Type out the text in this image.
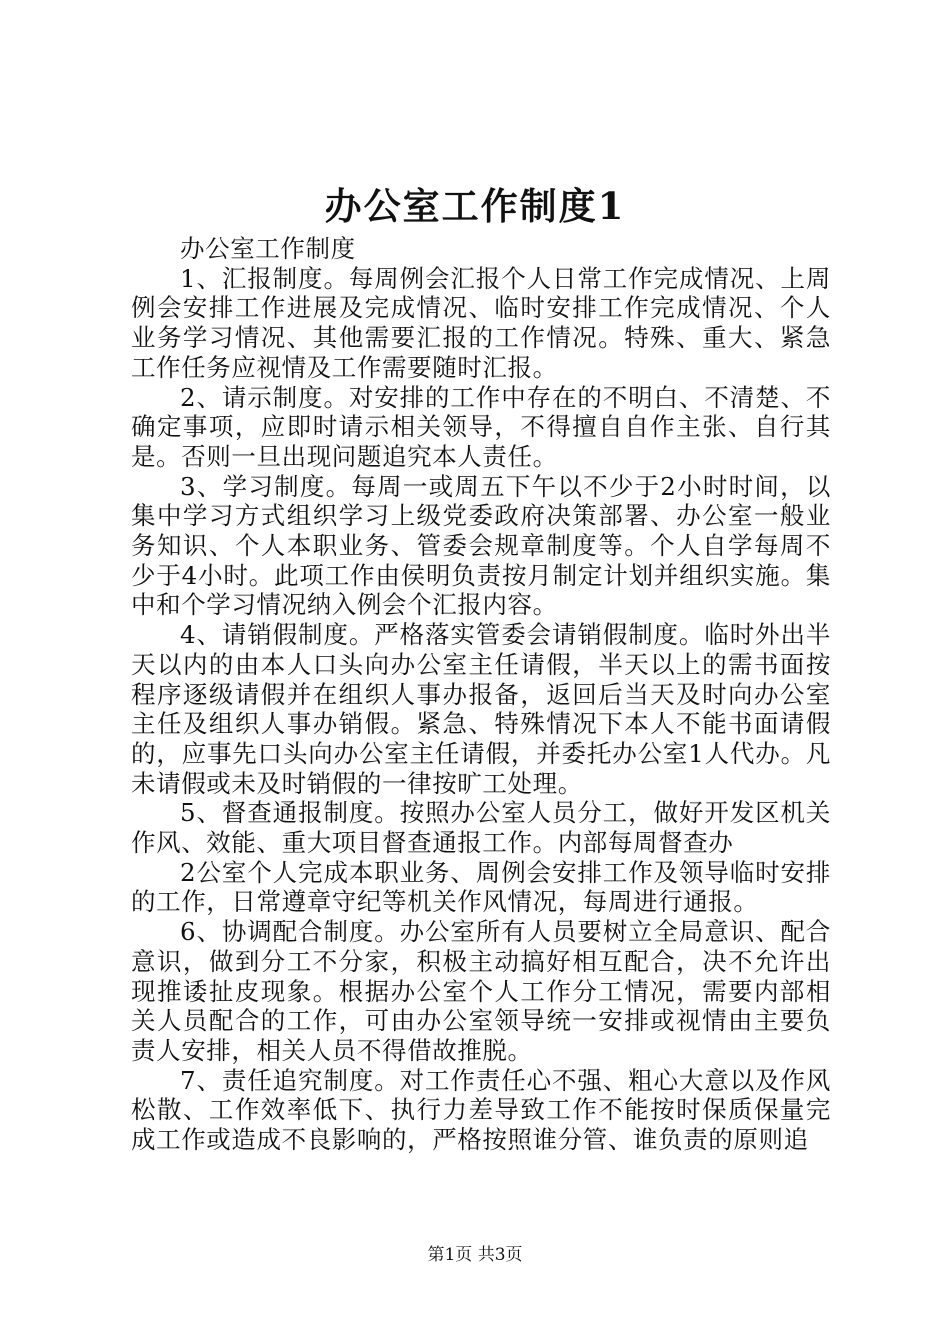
办公室工作制度1

办公室工作制度

1、汇报制度。每周例会汇报个人日常工作完成情况、上周例会安排工作进展及完成情况、临时安排工作完成情况、个人业务学习情况、其他需要汇报的工作情况。特殊、重大、紧急工作任务应视情及工作需要随时汇报。

2、请示制度。对安排的工作中存在的不明白、不清楚、不确定事项，应即时请示相关领导，不得擅自自作主张、自行其是。否则一旦出现问题追究本人责任。

3、学习制度。每周一或周五下午以不少于2小时时间，以集中学习方式组织学习上级党委政府决策部署、办公室一般业务知识、个人本职业务、管委会规章制度等。个人自学每周不少于4小时。此项工作由侯明负责按月制定计划并组织实施。集中和个学习情况纳入例会个汇报内容。

4、请销假制度。严格落实管委会请销假制度。临时外出半天以内的由本人口头向办公室主任请假，半天以上的需书面按程序逐级请假并在组织人事办报备，返回后当天及时向办公室主任及组织人事办销假。紧急、特殊情况下本人不能书面请假的，应事先口头向办公室主任请假，并委托办公室1人代办。凡未请假或未及时销假的一律按旷工处理。

5、督查通报制度。按照办公室人员分工，做好开发区机关作风、效能、重大项目督查通报工作。内部每周督查办

2公室个人完成本职业务、周例会安排工作及领导临时安排的工作，日常遵章守纪等机关作风情况，每周进行通报。

6、协调配合制度。办公室所有人员要树立全局意识、配合意识，做到分工不分家，积极主动搞好相互配合，决不允许出现推诿扯皮现象。根据办公室个人工作分工情况，需要内部相关人员配合的工作，可由办公室领导统一安排或视情由主要负责人安排，相关人员不得借故推脱。

7、责任追究制度。对工作责任心不强、粗心大意以及作风松散、工作效率低下、执行力差导致工作不能按时保质保量完成工作或造成不良影响的，严格按照谁分管、谁负责的原则追

第1页 共3页
